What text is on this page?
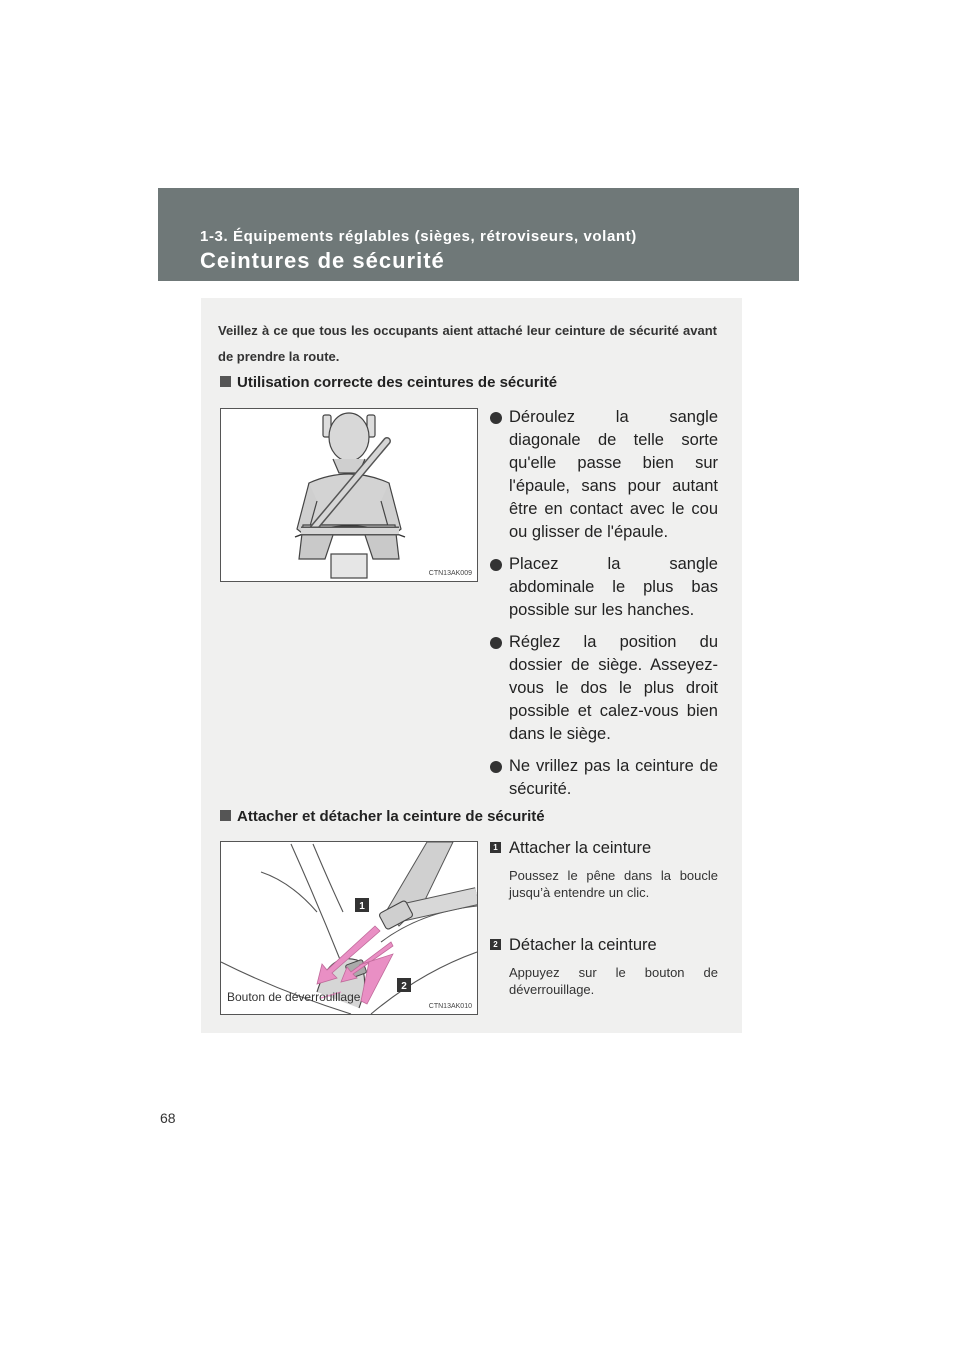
1-3. Équipements réglables (sièges, rétroviseurs, volant)
Ceintures de sécurité
Veillez à ce que tous les occupants aient attaché leur ceinture de sécurité avant de prendre la route.
Utilisation correcte des ceintures de sécurité
CTN13AK009
Déroulez la sangle diagonale de telle sorte qu'elle passe bien sur l'épaule, sans pour autant être en contact avec le cou ou glisser de l'épaule.
Placez la sangle abdominale le plus bas possible sur les hanches.
Réglez la position du dossier de siège. Asseyez-vous le dos le plus droit possible et calez-vous bien dans le siège.
Ne vrillez pas la ceinture de sécurité.
Attacher et détacher la ceinture de sécurité
1
2
Bouton de déverrouillage
CTN13AK010
1 Attacher la ceinture
Poussez le pêne dans la boucle jusqu’à entendre un clic.
2 Détacher la ceinture
Appuyez sur le bouton de déverrouillage.
68
